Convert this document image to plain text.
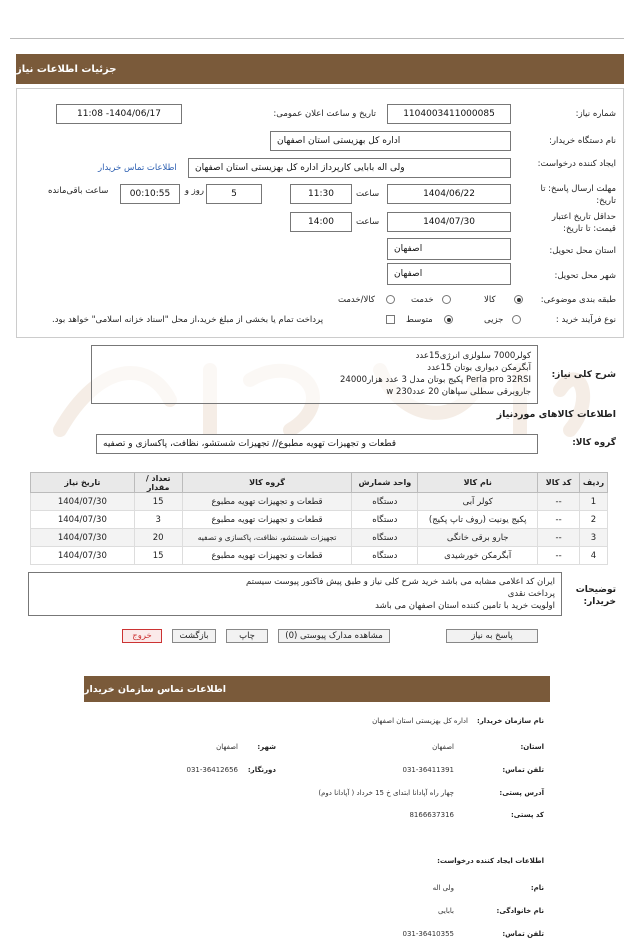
جزئیات اطلاعات نیاز
شماره نیاز:
1104003411000085
تاریخ و ساعت اعلان عمومی:
1404/06/17- 11:08
نام دستگاه خریدار:
اداره کل بهزیستی استان اصفهان
ایجاد کننده درخواست:
ولی اله بابایی کارپرداز اداره کل بهزیستی استان اصفهان
اطلاعات تماس خریدار
مهلت ارسال پاسخ: تا تاریخ:
1404/06/22
ساعت
11:30
5
روز و
00:10:55
ساعت باقی‌مانده
حداقل تاریخ اعتبار قیمت: تا تاریخ:
1404/07/30
ساعت
14:00
استان محل تحویل:
اصفهان
شهر محل تحویل:
اصفهان
طبقه بندی موضوعی:
کالا
خدمت
کالا/خدمت
نوع فرآیند خرید :
جزیی
متوسط
پرداخت تمام یا بخشی از مبلغ خرید،از محل "اسناد خزانه اسلامی" خواهد بود.
شرح کلی نیاز:
کولر7000 سلولزی انرژی15عدد
آبگرمکن دیواری بوتان 15عدد
Perla pro 32RSI پکیج بوتان مدل 3 عدد هزار24000
جاروبرقی سطلی سپاهان 20 عدد230 w
اطلاعات کالاهای موردنیاز
گروه کالا:
قطعات و تجهیزات تهویه مطبوع// تجهیزات شستشو، نظافت، پاکسازی و تصفیه
ردیف	کد کالا	نام کالا	واحد شمارش	گروه کالا	تعداد / مقدار	تاریخ نیاز
1	--	کولر آبی	دستگاه	قطعات و تجهیزات تهویه مطبوع	15	1404/07/30
2	--	پکیج یونیت (روف تاپ پکیج)	دستگاه	قطعات و تجهیزات تهویه مطبوع	3	1404/07/30
3	--	جارو برقی خانگی	دستگاه	تجهیزات شستشو، نظافت، پاکسازی و تصفیه	20	1404/07/30
4	--	آبگرمکن خورشیدی	دستگاه	قطعات و تجهیزات تهویه مطبوع	15	1404/07/30
توضیحات خریدار:
ایران کد اعلامی مشابه می باشد خرید شرح کلی نیاز و طبق پیش فاکتور پیوست سیستم
پرداخت نقدی
اولویت خرید با تامین کننده استان اصفهان می باشد
پاسخ به نیاز
مشاهده مدارک پیوستی (0)
چاپ
بازگشت
خروج
اطلاعات تماس سازمان خریدار
نام سازمان خریدار:
اداره کل بهزیستی استان اصفهان
استان:
اصفهان
شهر:
اصفهان
تلفن تماس:
031-36411391
دورنگار:
031-36412656
آدرس پستی:
چهار راه آپادانا ابتدای خ 15 خرداد ( آپادانا دوم)
کد پستی:
8166637316
اطلاعات ایجاد کننده درخواست:
نام:
ولی اله
نام خانوادگی:
بابایی
تلفن تماس:
031-36410355
